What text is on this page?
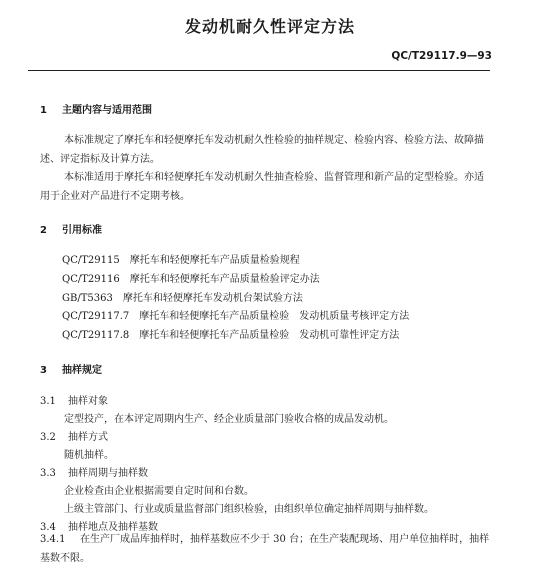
发动机耐久性评定方法
QC/T29117.9—93
1 主题内容与适用范围
本标准规定了摩托车和轻便摩托车发动机耐久性检验的抽样规定、检验内容、检验方法、故障描述、评定指标及计算方法。
本标准适用于摩托车和轻便摩托车发动机耐久性抽查检验、监督管理和新产品的定型检验。亦适用于企业对产品进行不定期考核。
2 引用标准
QC/T29115 摩托车和轻便摩托车产品质量检验规程
QC/T29116 摩托车和轻便摩托车产品质量检验评定办法
GB/T5363 摩托车和轻便摩托车发动机台架试验方法
QC/T29117.7 摩托车和轻便摩托车产品质量检验　发动机质量考核评定方法
QC/T29117.8 摩托车和轻便摩托车产品质量检验　发动机可靠性评定方法
3 抽样规定
3.1 抽样对象
定型投产，在本评定周期内生产、经企业质量部门验收合格的成品发动机。
3.2 抽样方式
随机抽样。
3.3 抽样周期与抽样数
企业检查由企业根据需要自定时间和台数。
上级主管部门、行业或质量监督部门组织检验，由组织单位确定抽样周期与抽样数。
3.4 抽样地点及抽样基数
3.4.1 在生产厂成品库抽样时，抽样基数应不少于 30 台；在生产装配现场、用户单位抽样时，抽样基数不限。
